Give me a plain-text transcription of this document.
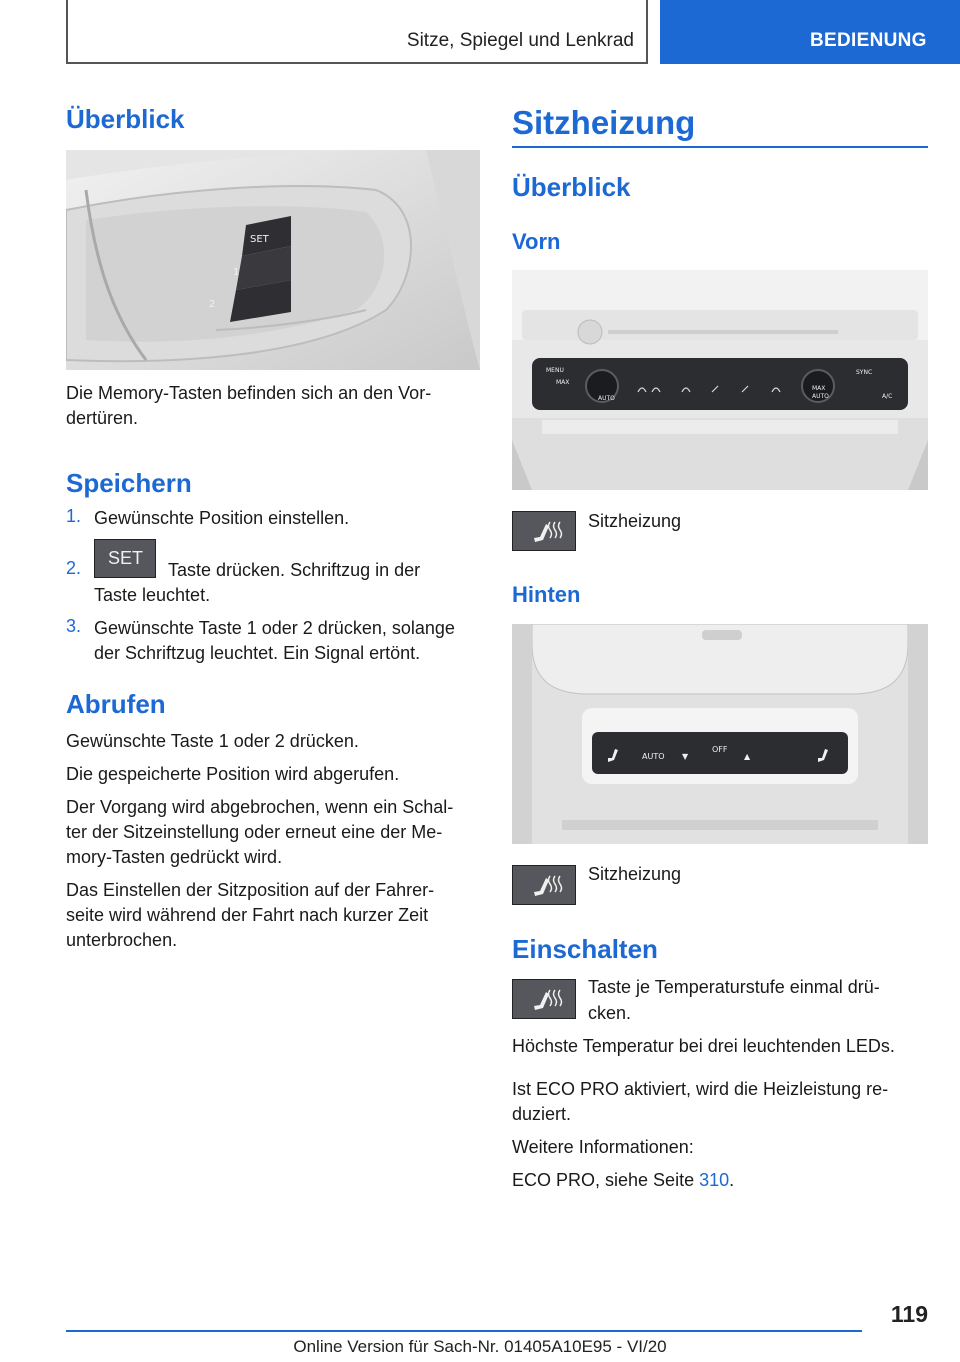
Sitze, Spiegel und Lenkrad	BEDIENUNG
Überblick
SET
1
2

Die Memory-Tasten befinden sich an den Vor-

dertüren.

Speichern
1. Gewünschte Position einstellen.

2. SET

Taste drücken. Schriftzug in der

Taste leuchtet.

3. Gewünschte Taste 1 oder 2 drücken, solange

der Schriftzug leuchtet. Ein Signal ertönt.

Abrufen

Gewünschte Taste 1 oder 2 drücken.

Die gespeicherte Position wird abgerufen.

Der Vorgang wird abgebrochen, wenn ein Schal-

ter der Sitzeinstellung oder erneut eine der Me-

mory-Tasten gedrückt wird.

Das Einstellen der Sitzposition auf der Fahrer-

seite wird während der Fahrt nach kurzer Zeit

unterbrochen.

Sitzheizung
Überblick
Vorn
MENU
MAX
AUTO
SYNC
MAX
AUTO	A/C

Sitzheizung

Hinten
AUTO
OFF
▼	▲

Sitzheizung

Einschalten

Taste je Temperaturstufe einmal drü-

cken.

Höchste Temperatur bei drei leuchtenden LEDs.

Ist ECO PRO aktiviert, wird die Heizleistung re-

duziert.

Weitere Informationen:

ECO PRO, siehe Seite 310.

119
Online Version für Sach-Nr. 01405A10E95 - VI/20
